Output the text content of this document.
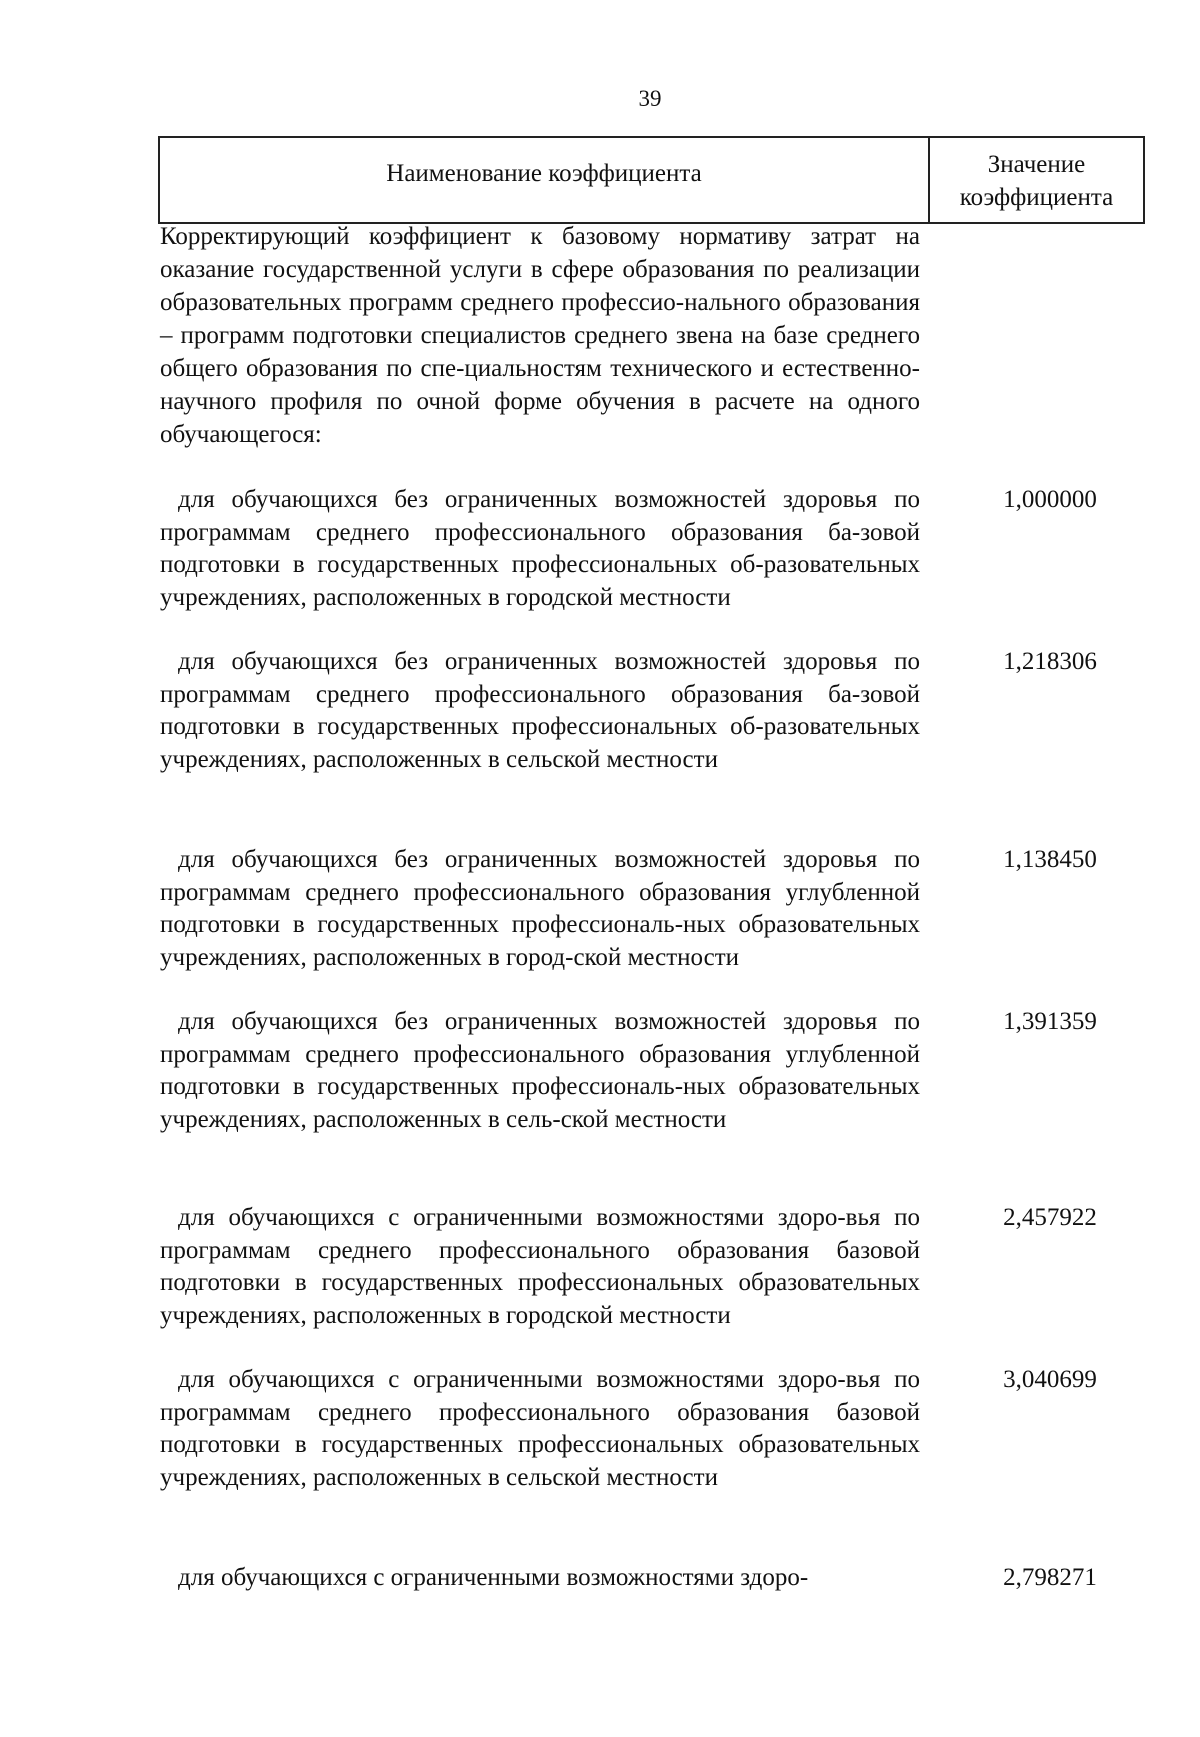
39
Наименование коэффициента	Значение
коэффициента
Корректирующий коэффициент к базовому нормативу затрат на оказание государственной услуги в сфере образования по реализации образовательных программ среднего профессио-нального образования – программ подготовки специалистов среднего звена на базе среднего общего образования по спе-циальностям технического и естественно-научного профиля по очной форме обучения в расчете на одного обучающегося:
для обучающихся без ограниченных возможностей здоровья по программам среднего профессионального образования ба-зовой подготовки в государственных профессиональных об-разовательных учреждениях, расположенных в городской местности
1,000000
для обучающихся без ограниченных возможностей здоровья по программам среднего профессионального образования ба-зовой подготовки в государственных профессиональных об-разовательных учреждениях, расположенных в сельской местности
1,218306
для обучающихся без ограниченных возможностей здоровья по программам среднего профессионального образования углубленной подготовки в государственных профессиональ-ных образовательных учреждениях, расположенных в город-ской местности
1,138450
для обучающихся без ограниченных возможностей здоровья по программам среднего профессионального образования углубленной подготовки в государственных профессиональ-ных образовательных учреждениях, расположенных в сель-ской местности
1,391359
для обучающихся с ограниченными возможностями здоро-вья по программам среднего профессионального образования базовой подготовки в государственных профессиональных образовательных учреждениях, расположенных в городской местности
2,457922
для обучающихся с ограниченными возможностями здоро-вья по программам среднего профессионального образования базовой подготовки в государственных профессиональных образовательных учреждениях, расположенных в сельской местности
3,040699
для обучающихся с ограниченными возможностями здоро-	2,798271
